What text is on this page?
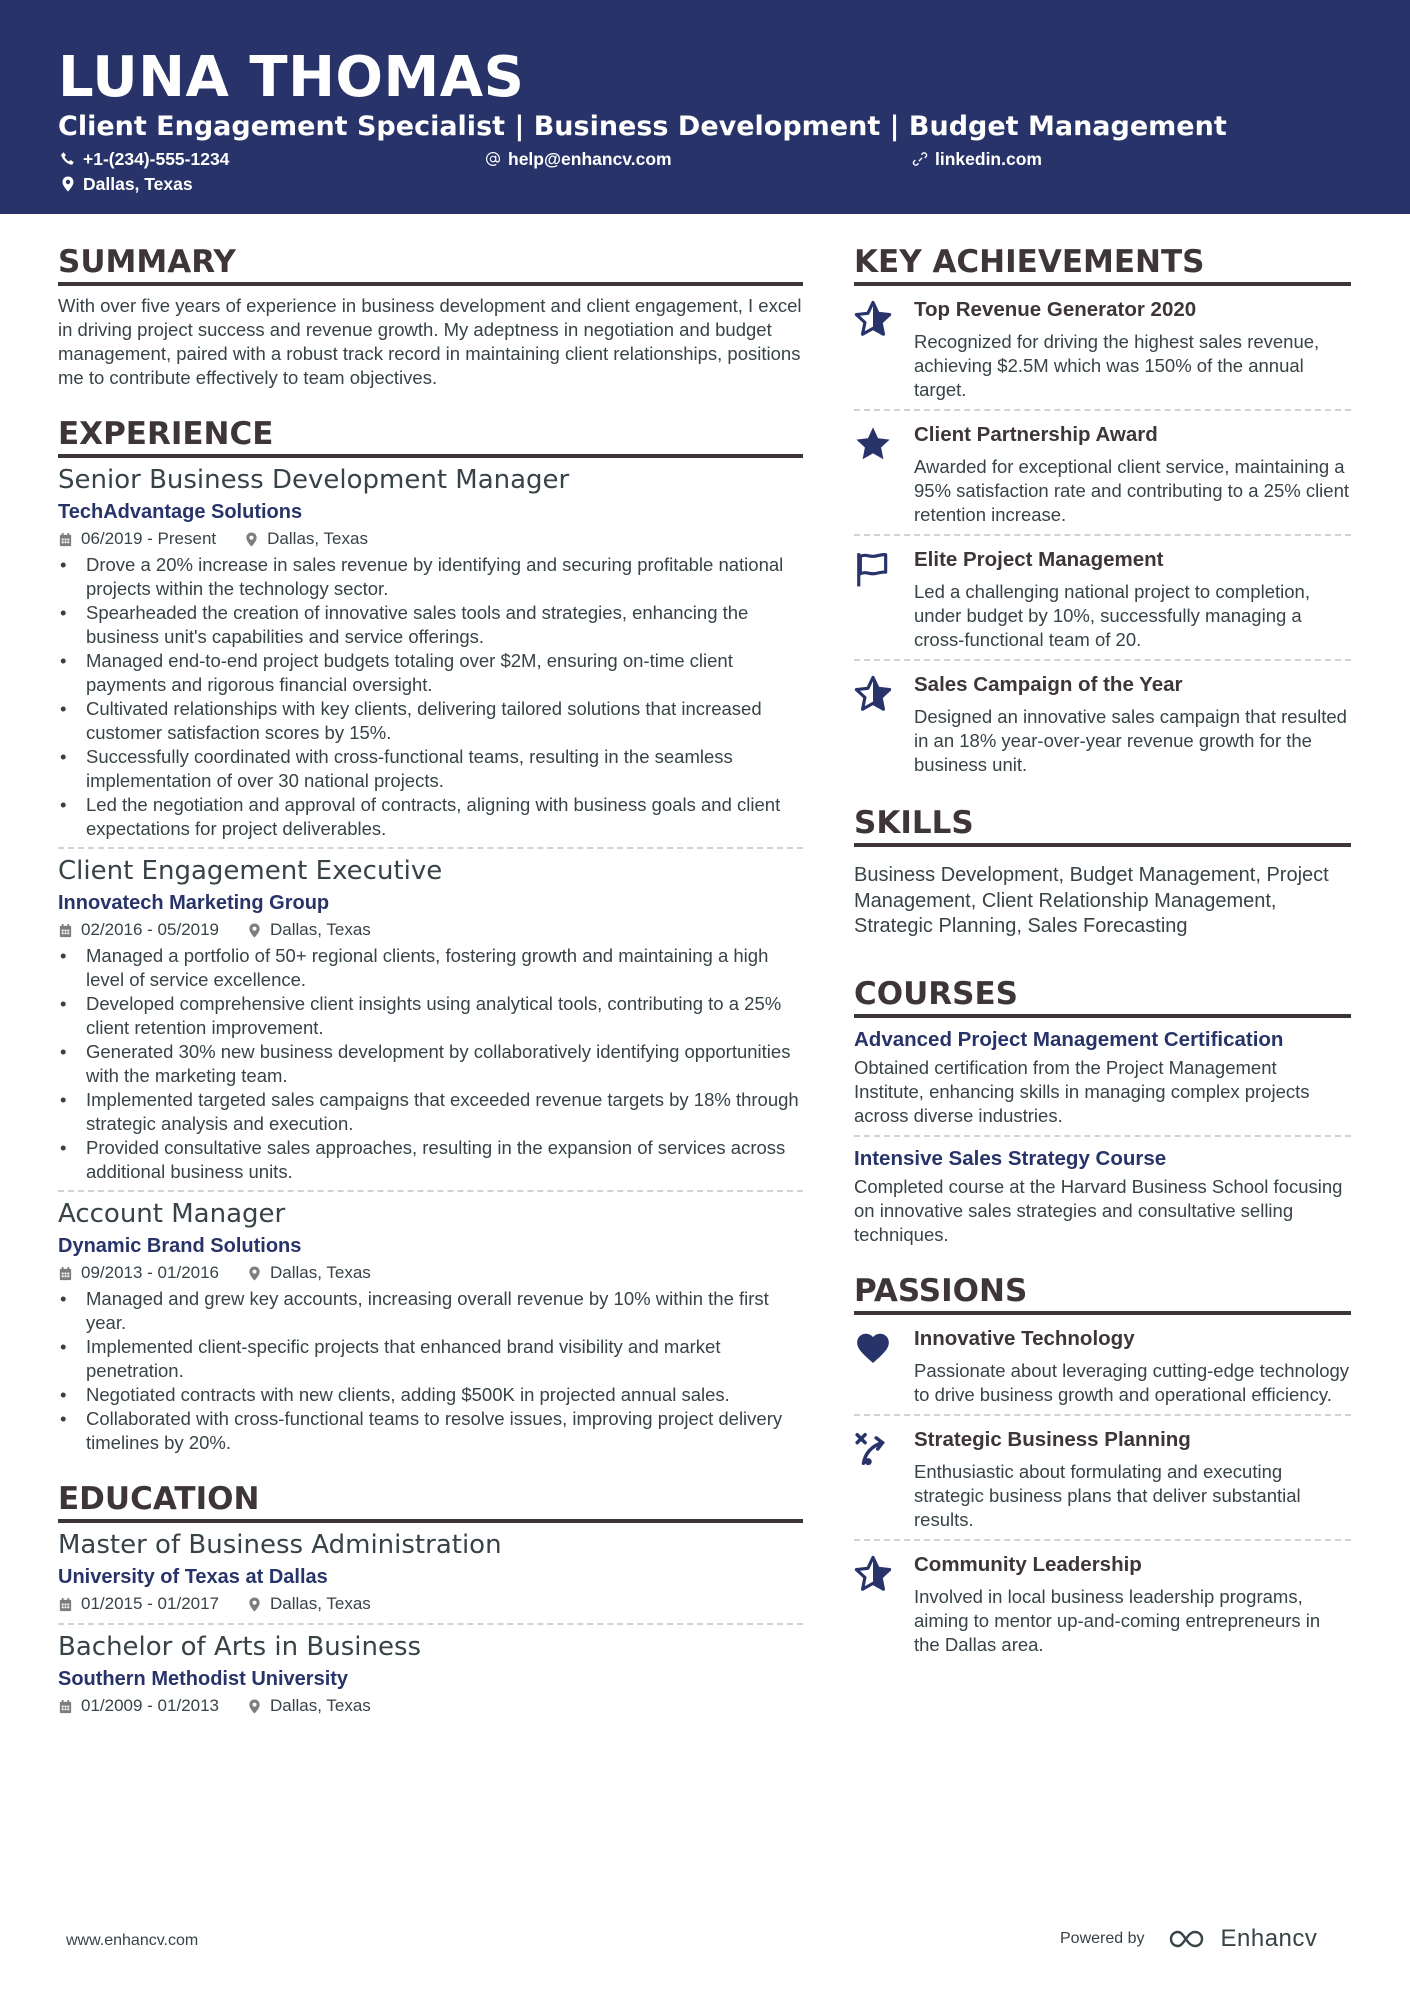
LUNA THOMAS
Client Engagement Specialist | Business Development | Budget Management
+1-(234)-555-1234	help@enhancv.com	linkedin.com
Dallas, Texas
SUMMARY
With over five years of experience in business development and client engagement, I excel in driving project success and revenue growth. My adeptness in negotiation and budget management, paired with a robust track record in maintaining client relationships, positions me to contribute effectively to team objectives.
EXPERIENCE
Senior Business Development Manager
TechAdvantage Solutions
06/2019 - Present	Dallas, Texas
• Drove a 20% increase in sales revenue by identifying and securing profitable national projects within the technology sector.
• Spearheaded the creation of innovative sales tools and strategies, enhancing the business unit's capabilities and service offerings.
• Managed end-to-end project budgets totaling over $2M, ensuring on-time client payments and rigorous financial oversight.
• Cultivated relationships with key clients, delivering tailored solutions that increased customer satisfaction scores by 15%.
• Successfully coordinated with cross-functional teams, resulting in the seamless implementation of over 30 national projects.
• Led the negotiation and approval of contracts, aligning with business goals and client expectations for project deliverables.
Client Engagement Executive
Innovatech Marketing Group
02/2016 - 05/2019	Dallas, Texas
• Managed a portfolio of 50+ regional clients, fostering growth and maintaining a high level of service excellence.
• Developed comprehensive client insights using analytical tools, contributing to a 25% client retention improvement.
• Generated 30% new business development by collaboratively identifying opportunities with the marketing team.
• Implemented targeted sales campaigns that exceeded revenue targets by 18% through strategic analysis and execution.
• Provided consultative sales approaches, resulting in the expansion of services across additional business units.
Account Manager
Dynamic Brand Solutions
09/2013 - 01/2016	Dallas, Texas
• Managed and grew key accounts, increasing overall revenue by 10% within the first year.
• Implemented client-specific projects that enhanced brand visibility and market penetration.
• Negotiated contracts with new clients, adding $500K in projected annual sales.
• Collaborated with cross-functional teams to resolve issues, improving project delivery timelines by 20%.
EDUCATION
Master of Business Administration
University of Texas at Dallas
01/2015 - 01/2017	Dallas, Texas
Bachelor of Arts in Business
Southern Methodist University
01/2009 - 01/2013	Dallas, Texas
KEY ACHIEVEMENTS
Top Revenue Generator 2020
Recognized for driving the highest sales revenue, achieving $2.5M which was 150% of the annual target.
Client Partnership Award
Awarded for exceptional client service, maintaining a 95% satisfaction rate and contributing to a 25% client retention increase.
Elite Project Management
Led a challenging national project to completion, under budget by 10%, successfully managing a cross-functional team of 20.
Sales Campaign of the Year
Designed an innovative sales campaign that resulted in an 18% year-over-year revenue growth for the business unit.
SKILLS
Business Development, Budget Management, Project Management, Client Relationship Management, Strategic Planning, Sales Forecasting
COURSES
Advanced Project Management Certification
Obtained certification from the Project Management Institute, enhancing skills in managing complex projects across diverse industries.
Intensive Sales Strategy Course
Completed course at the Harvard Business School focusing on innovative sales strategies and consultative selling techniques.
PASSIONS
Innovative Technology
Passionate about leveraging cutting-edge technology to drive business growth and operational efficiency.
Strategic Business Planning
Enthusiastic about formulating and executing strategic business plans that deliver substantial results.
Community Leadership
Involved in local business leadership programs, aiming to mentor up-and-coming entrepreneurs in the Dallas area.
www.enhancv.com	Powered by	Enhancv
